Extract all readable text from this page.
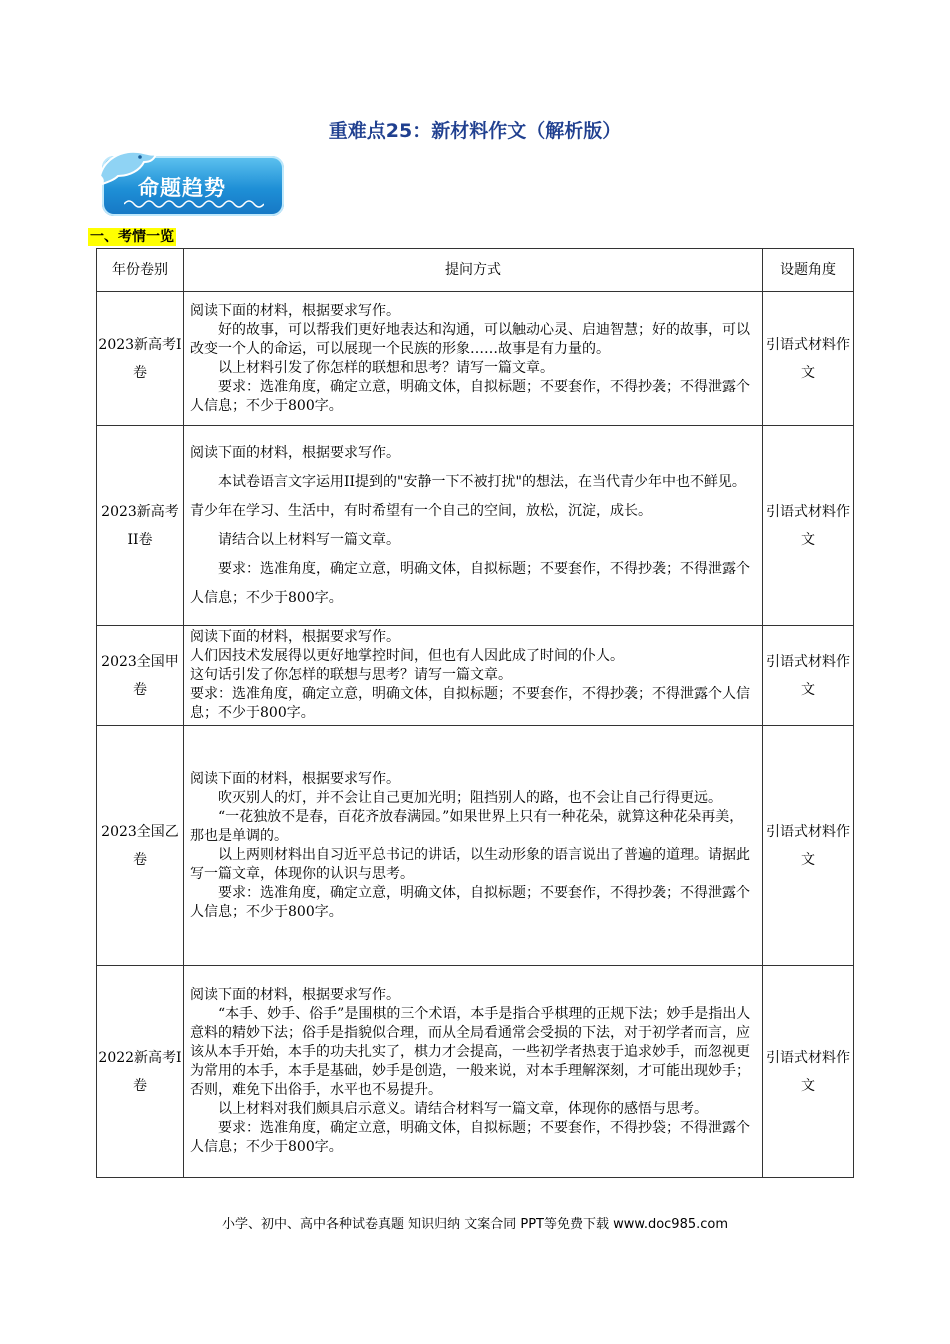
重难点25：新材料作文（解析版）
命题趋势
一、考情一览
年份卷别	提问方式	设题角度
2023新高考I卷	阅读下面的材料，根据要求写作。

好的故事，可以帮我们更好地表达和沟通，可以触动心灵、启迪智慧；好的故事，可以改变一个人的命运，可以展现一个民族的形象……故事是有力量的。

以上材料引发了你怎样的联想和思考？请写一篇文章。

要求：选准角度，确定立意，明确文体，自拟标题；不要套作，不得抄袭；不得泄露个人信息；不少于800字。	引语式材料作文
2023新高考II卷	阅读下面的材料，根据要求写作。

本试卷语言文字运用II提到的"安静一下不被打扰"的想法，在当代青少年中也不鲜见。青少年在学习、生活中，有时希望有一个自己的空间，放松，沉淀，成长。

请结合以上材料写一篇文章。

要求：选准角度，确定立意，明确文体，自拟标题；不要套作，不得抄袭；不得泄露个人信息；不少于800字。	引语式材料作文
2023全国甲卷	阅读下面的材料，根据要求写作。

人们因技术发展得以更好地掌控时间，但也有人因此成了时间的仆人。

这句话引发了你怎样的联想与思考？请写一篇文章。

要求：选准角度，确定立意，明确文体，自拟标题；不要套作，不得抄袭；不得泄露个人信息；不少于800字。	引语式材料作文
2023全国乙卷	阅读下面的材料，根据要求写作。

吹灭别人的灯，并不会让自己更加光明；阻挡别人的路，也不会让自己行得更远。

“一花独放不是春，百花齐放春满园。”如果世界上只有一种花朵，就算这种花朵再美，那也是单调的。

以上两则材料出自习近平总书记的讲话，以生动形象的语言说出了普遍的道理。请据此写一篇文章，体现你的认识与思考。

要求：选准角度，确定立意，明确文体，自拟标题；不要套作，不得抄袭；不得泄露个人信息；不少于800字。	引语式材料作文
2022新高考I卷	阅读下面的材料，根据要求写作。

“本手、妙手、俗手”是围棋的三个术语，本手是指合乎棋理的正规下法；妙手是指出人意料的精妙下法；俗手是指貌似合理，而从全局看通常会受损的下法，对于初学者而言，应该从本手开始，本手的功夫扎实了，棋力才会提高，一些初学者热衷于追求妙手，而忽视更为常用的本手，本手是基础，妙手是创造，一般来说，对本手理解深刻，才可能出现妙手；否则，难免下出俗手，水平也不易提升。

以上材料对我们颇具启示意义。请结合材料写一篇文章，体现你的感悟与思考。

要求：选准角度，确定立意，明确文体，自拟标题；不要套作，不得抄袋；不得泄露个人信息；不少于800字。	引语式材料作文
小学、初中、高中各种试卷真题 知识归纳 文案合同 PPT等免费下载 www.doc985.com
